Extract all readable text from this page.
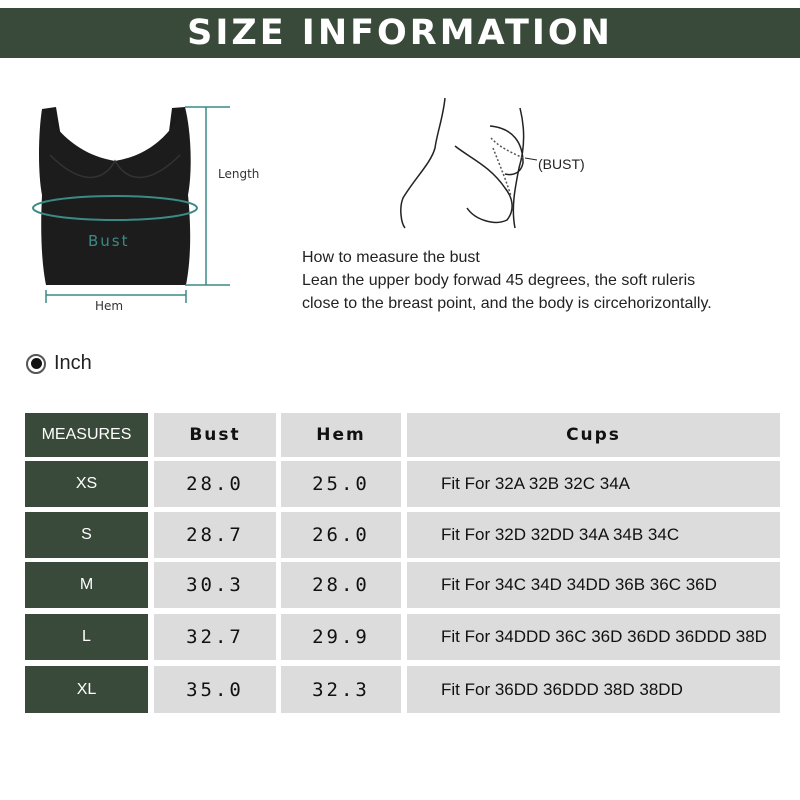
SIZE INFORMATION
Length
Bust
Hem
(BUST)
How to measure the bust
Lean the upper body forwad 45 degrees, the soft ruleris
close to the breast point, and the body is circehorizontally.
Inch
MEASURES	Bust	Hem	Cups
XS	28.0	25.0	Fit For 32A 32B 32C 34A
S	28.7	26.0	Fit For 32D 32DD 34A 34B 34C
M	30.3	28.0	Fit For 34C 34D 34DD 36B 36C 36D
L	32.7	29.9	Fit For 34DDD 36C 36D 36DD 36DDD 38D
XL	35.0	32.3	Fit For 36DD 36DDD 38D 38DD
